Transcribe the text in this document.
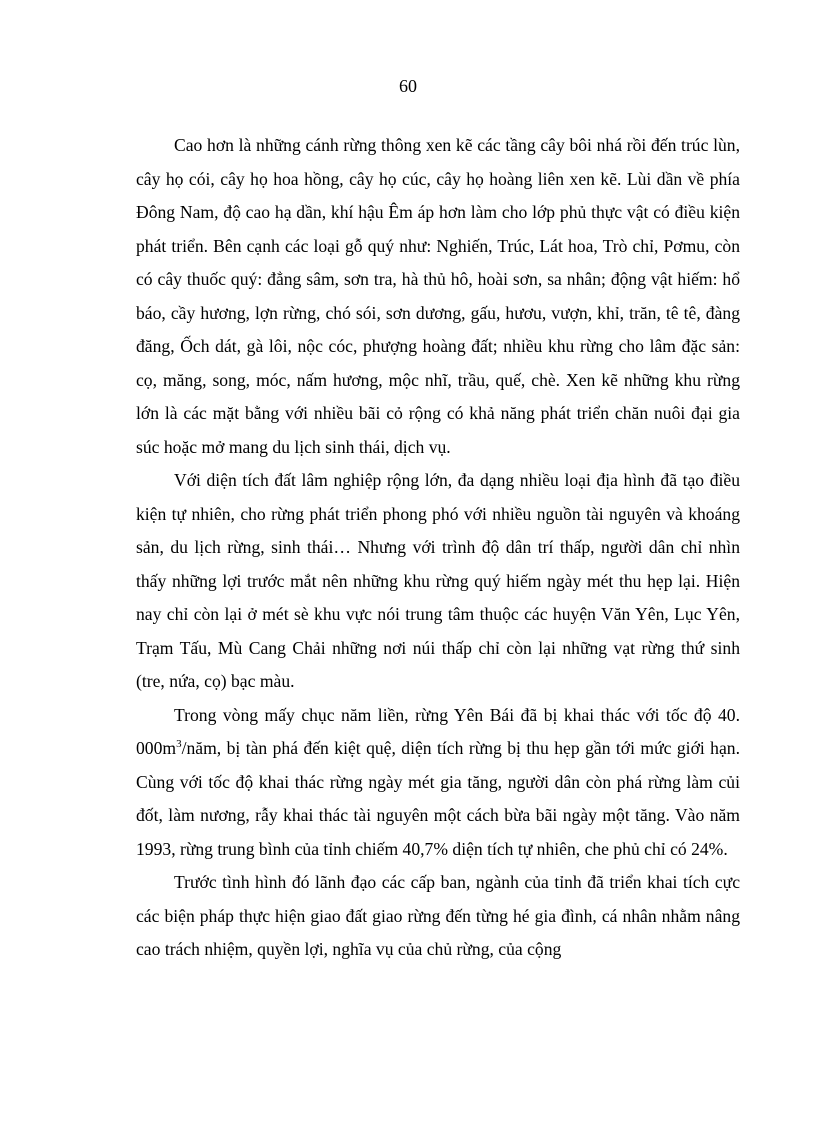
60

Cao hơn là những cánh rừng thông xen kẽ các tầng cây bôi nhá rồi đến trúc lùn, cây họ cói, cây họ hoa hồng, cây họ cúc, cây họ hoàng liên xen kẽ. Lùi dần về phía Đông Nam, độ cao hạ dần, khí hậu Êm áp hơn làm cho lớp phủ thực vật có điều kiện phát triển. Bên cạnh các loại gỗ quý như: Nghiến, Trúc, Lát hoa, Trò chỉ, Pơmu, còn có cây thuốc quý: đẳng sâm, sơn tra, hà thủ hô, hoài sơn, sa nhân; động vật hiếm: hổ báo, cầy hương, lợn rừng, chó sói, sơn dương, gấu, hươu, vượn, khỉ, trăn, tê tê, đàng đăng, Ốch dát, gà lôi, nộc cóc, phượng hoàng đất; nhiều khu rừng cho lâm đặc sản: cọ, măng, song, móc, nấm hương, mộc nhĩ, trầu, quế, chè. Xen kẽ những khu rừng lớn là các mặt bằng với nhiều bãi cỏ rộng có khả năng phát triển chăn nuôi đại gia súc hoặc mở mang du lịch sinh thái, dịch vụ.

Với diện tích đất lâm nghiệp rộng lớn, đa dạng nhiều loại địa hình đã tạo điều kiện tự nhiên, cho rừng phát triển phong phó với nhiều nguồn tài nguyên và khoáng sản, du lịch rừng, sinh thái… Nhưng với trình độ dân trí thấp, người dân chỉ nhìn thấy những lợi trước mắt nên những khu rừng quý hiếm ngày mét thu hẹp lại. Hiện nay chỉ còn lại ở mét sè khu vực nói trung tâm thuộc các huyện Văn Yên, Lục Yên, Trạm Tấu, Mù Cang Chải những nơi núi thấp chỉ còn lại những vạt rừng thứ sinh (tre, nứa, cọ) bạc màu.

Trong vòng mấy chục năm liền, rừng Yên Bái đã bị khai thác với tốc độ 40. $000m^3$/năm, bị tàn phá đến kiệt quệ, diện tích rừng bị thu hẹp gần tới mức giới hạn. Cùng với tốc độ khai thác rừng ngày mét gia tăng, người dân còn phá rừng làm củi đốt, làm nương, rẫy khai thác tài nguyên một cách bừa bãi ngày một tăng. Vào năm 1993, rừng trung bình của tỉnh chiếm 40,7% diện tích tự nhiên, che phủ chỉ có 24%.

Trước tình hình đó lãnh đạo các cấp ban, ngành của tỉnh đã triển khai tích cực các biện pháp thực hiện giao đất giao rừng đến từng hé gia đình, cá nhân nhằm nâng cao trách nhiệm, quyền lợi, nghĩa vụ của chủ rừng, của cộng
